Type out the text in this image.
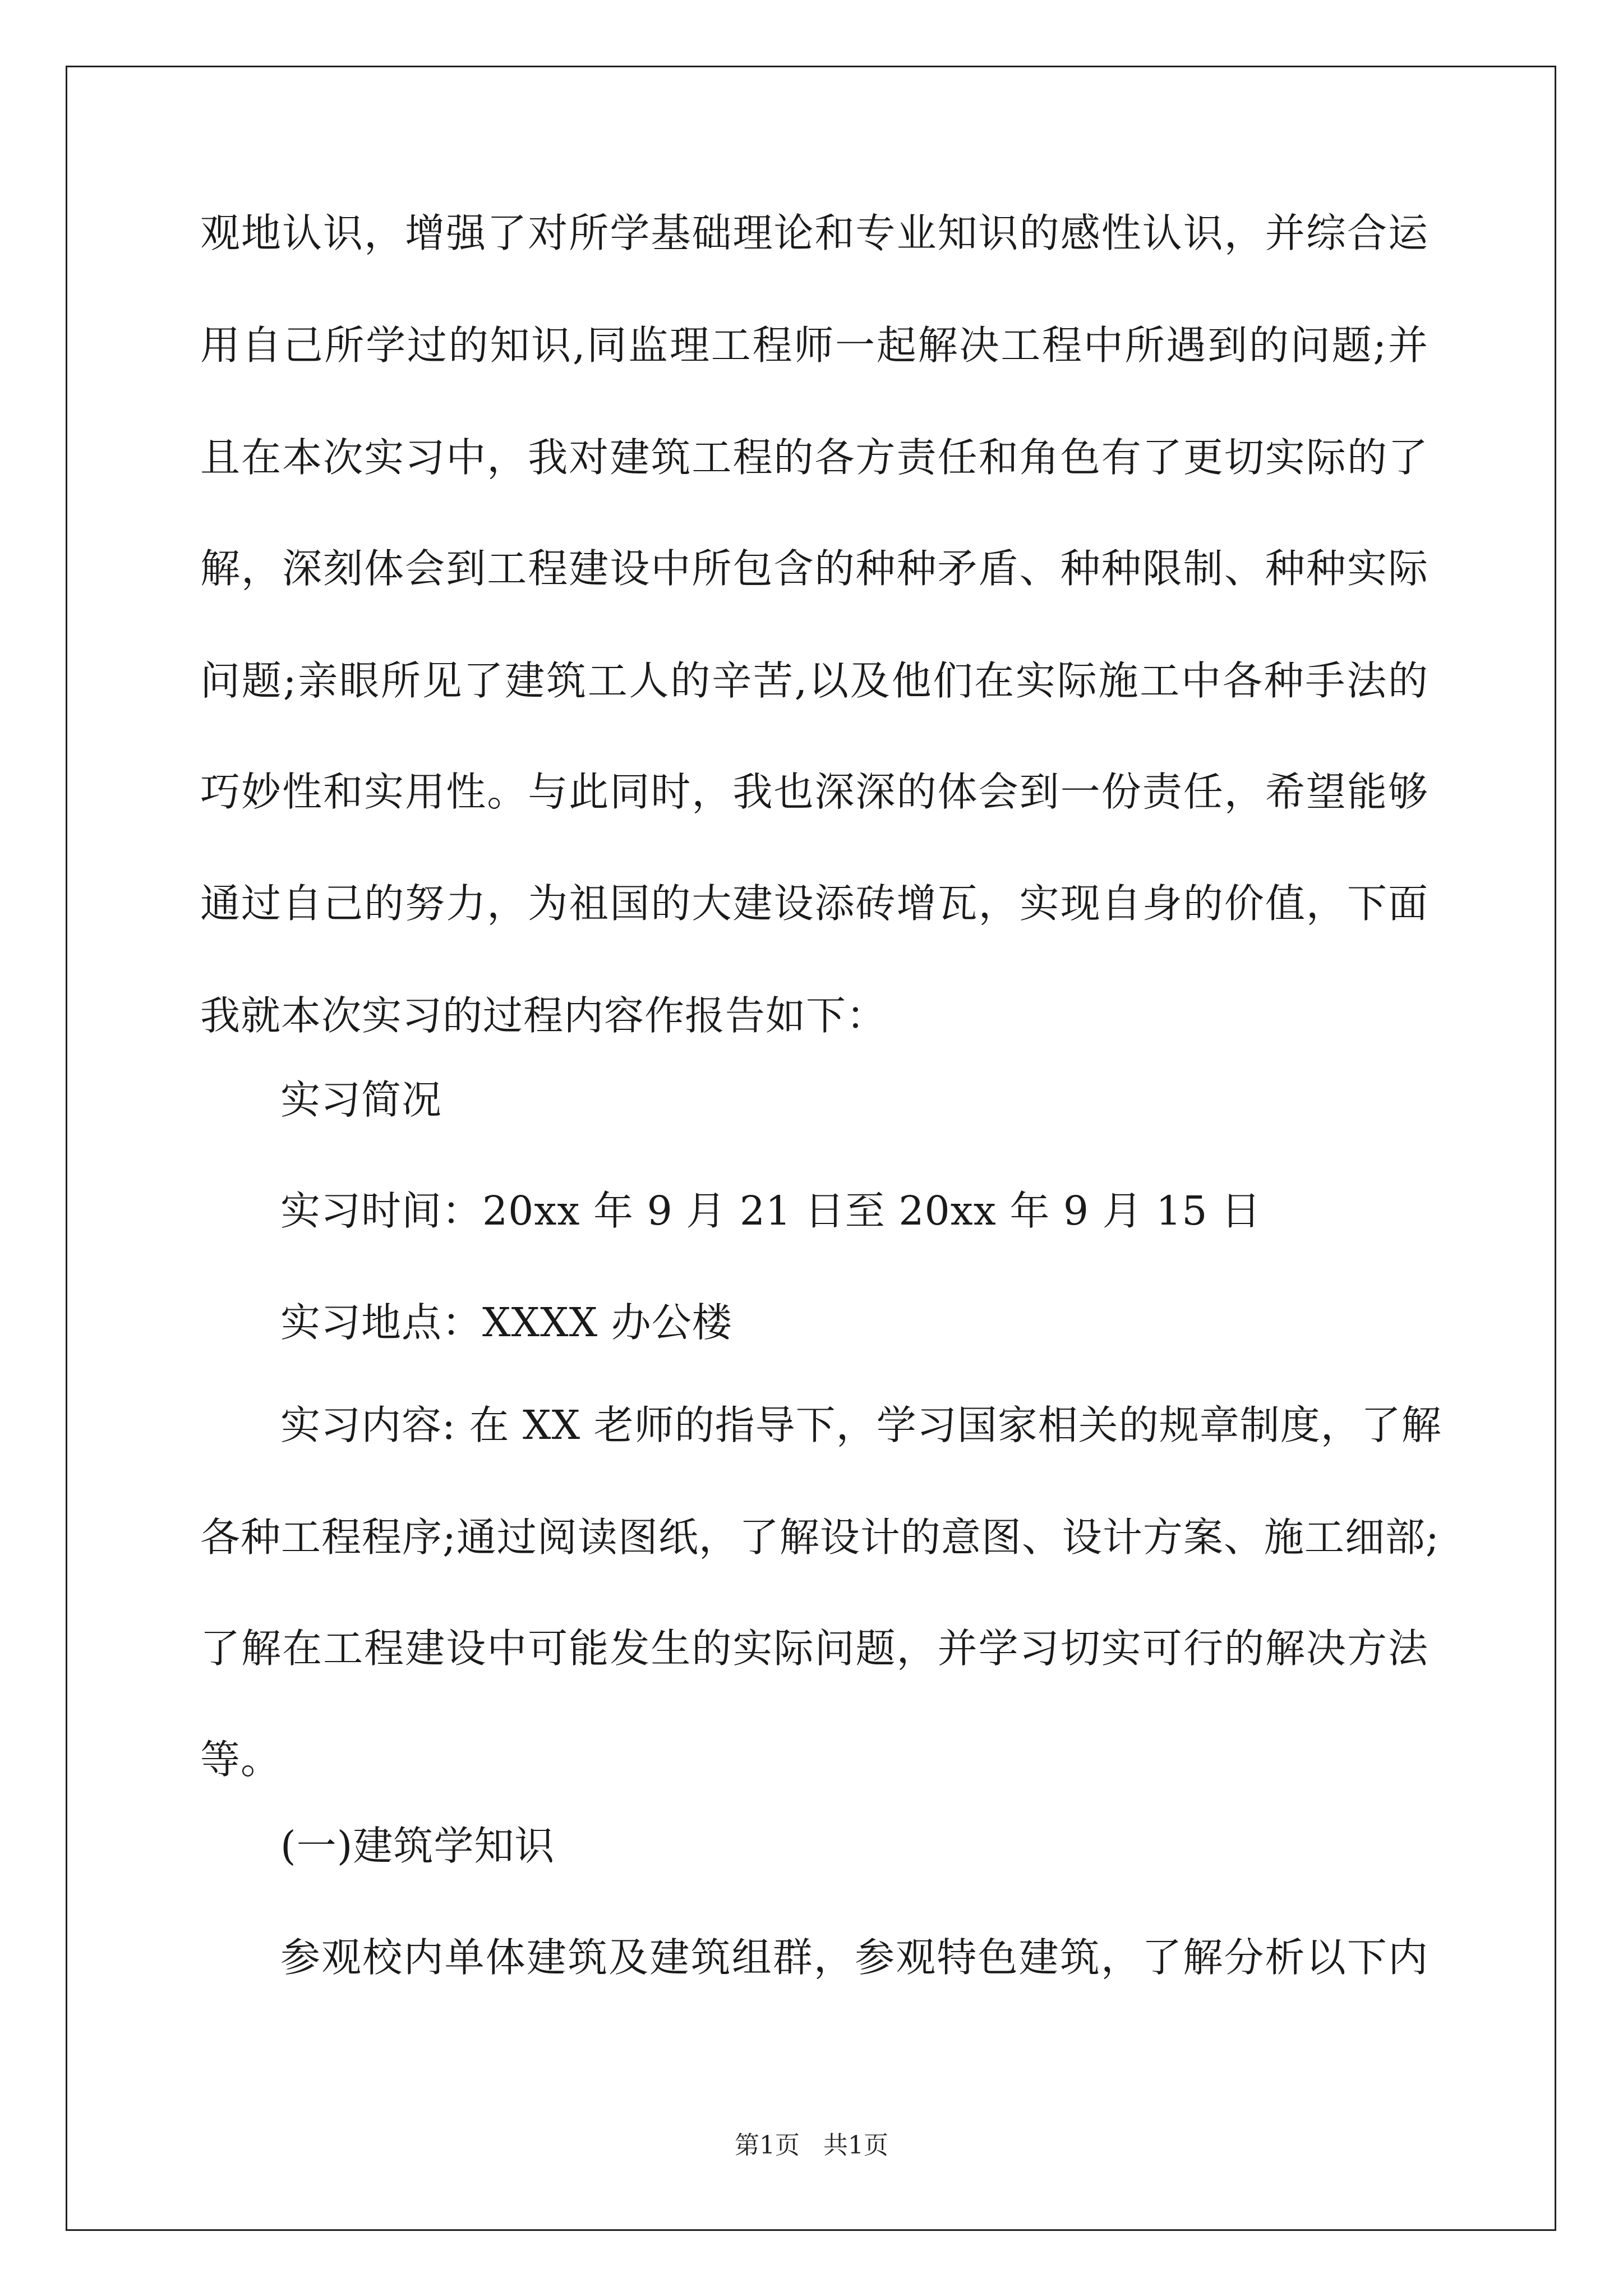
观地认识，增强了对所学基础理论和专业知识的感性认识，并综合运
用自己所学过的知识,同监理工程师一起解决工程中所遇到的问题;并
且在本次实习中，我对建筑工程的各方责任和角色有了更切实际的了
解，深刻体会到工程建设中所包含的种种矛盾、种种限制、种种实际
问题;亲眼所见了建筑工人的辛苦,以及他们在实际施工中各种手法的
巧妙性和实用性。与此同时，我也深深的体会到一份责任，希望能够
通过自己的努力，为祖国的大建设添砖增瓦，实现自身的价值，下面
我就本次实习的过程内容作报告如下：
实习简况
实习时间：20xx 年 9 月 21 日至 20xx 年 9 月 15 日
实习地点：XXXX 办公楼
实习内容: 在 XX 老师的指导下，学习国家相关的规章制度，了解
各种工程程序;通过阅读图纸，了解设计的意图、设计方案、施工细部;
了解在工程建设中可能发生的实际问题，并学习切实可行的解决方法
等。
(一)建筑学知识
参观校内单体建筑及建筑组群，参观特色建筑，了解分析以下内
第1页   共1页
